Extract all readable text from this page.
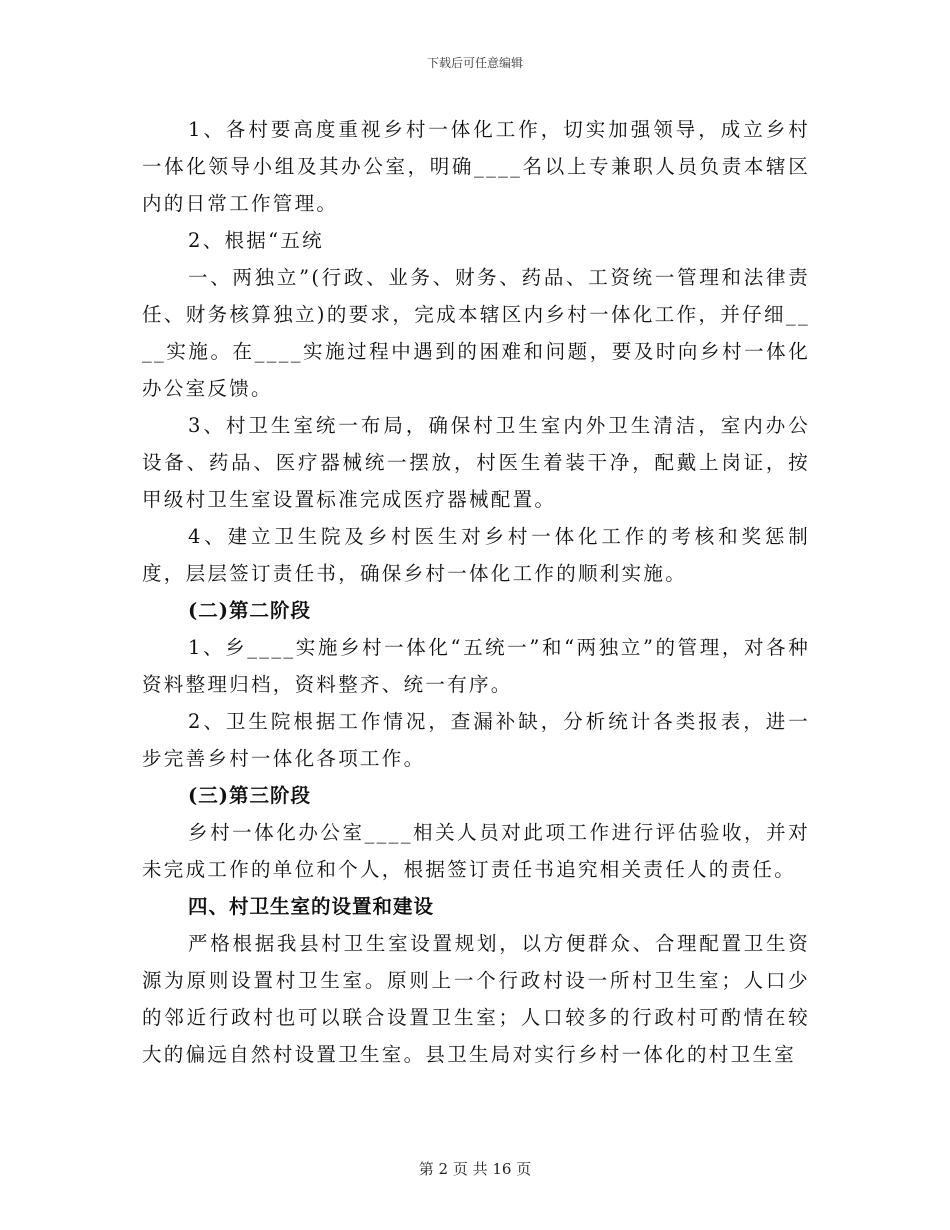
下载后可任意编辑

1、各村要高度重视乡村一体化工作，切实加强领导，成立乡村一体化领导小组及其办公室，明确____名以上专兼职人员负责本辖区内的日常工作管理。

2、根据“五统

一、两独立”(行政、业务、财务、药品、工资统一管理和法律责任、财务核算独立)的要求，完成本辖区内乡村一体化工作，并仔细____实施。在____实施过程中遇到的困难和问题，要及时向乡村一体化办公室反馈。

3、村卫生室统一布局，确保村卫生室内外卫生清洁，室内办公设备、药品、医疗器械统一摆放，村医生着装干净，配戴上岗证，按甲级村卫生室设置标准完成医疗器械配置。

4、建立卫生院及乡村医生对乡村一体化工作的考核和奖惩制度，层层签订责任书，确保乡村一体化工作的顺利实施。

(二)第二阶段

1、乡____实施乡村一体化“五统一”和“两独立”的管理，对各种资料整理归档，资料整齐、统一有序。

2、卫生院根据工作情况，查漏补缺，分析统计各类报表，进一步完善乡村一体化各项工作。

(三)第三阶段

乡村一体化办公室____相关人员对此项工作进行评估验收，并对未完成工作的单位和个人，根据签订责任书追究相关责任人的责任。

四、村卫生室的设置和建设

严格根据我县村卫生室设置规划，以方便群众、合理配置卫生资源为原则设置村卫生室。原则上一个行政村设一所村卫生室；人口少的邻近行政村也可以联合设置卫生室；人口较多的行政村可酌情在较大的偏远自然村设置卫生室。县卫生局对实行乡村一体化的村卫生室

第 2 页 共 16 页
